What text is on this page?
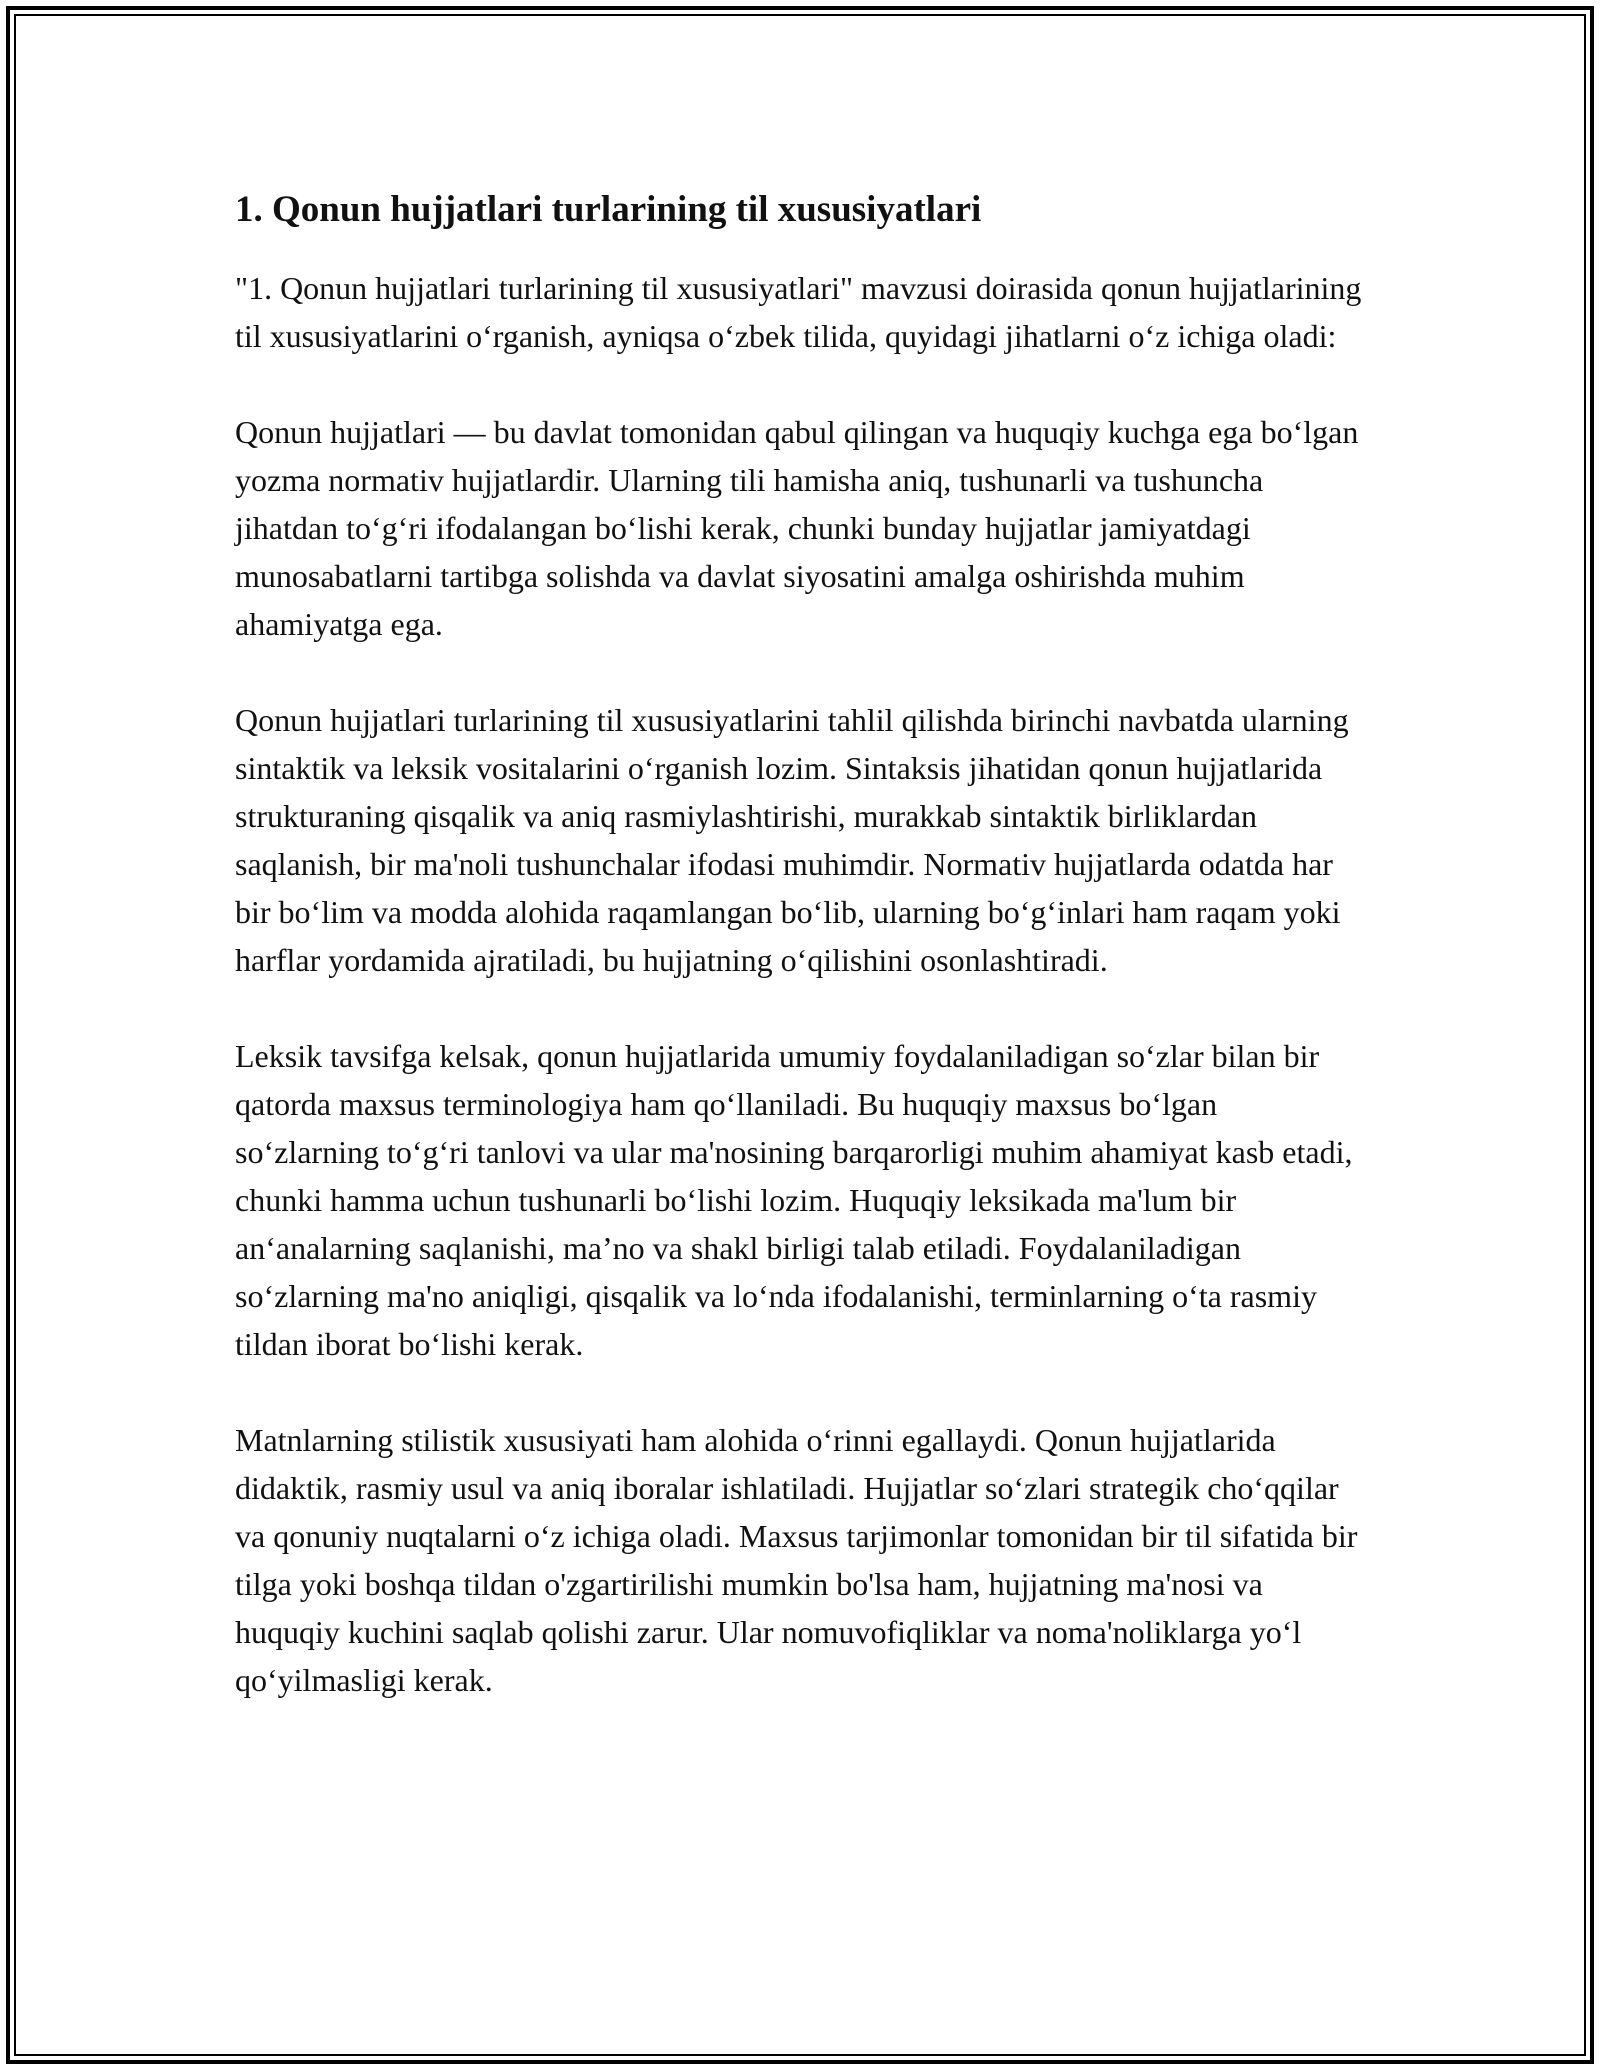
1. Qonun hujjatlari turlarining til xususiyatlari

"1. Qonun hujjatlari turlarining til xususiyatlari" mavzusi doirasida qonun hujjatlarining til xususiyatlarini oʻrganish, ayniqsa oʻzbek tilida, quyidagi jihatlarni oʻz ichiga oladi:

Qonun hujjatlari — bu davlat tomonidan qabul qilingan va huquqiy kuchga ega boʻlgan yozma normativ hujjatlardir. Ularning tili hamisha aniq, tushunarli va tushuncha jihatdan toʻgʻri ifodalangan boʻlishi kerak, chunki bunday hujjatlar jamiyatdagi munosabatlarni tartibga solishda va davlat siyosatini amalga oshirishda muhim ahamiyatga ega.

Qonun hujjatlari turlarining til xususiyatlarini tahlil qilishda birinchi navbatda ularning sintaktik va leksik vositalarini oʻrganish lozim. Sintaksis jihatidan qonun hujjatlarida strukturaning qisqalik va aniq rasmiylashtirishi, murakkab sintaktik birliklardan saqlanish, bir ma'noli tushunchalar ifodasi muhimdir. Normativ hujjatlarda odatda har bir boʻlim va modda alohida raqamlangan boʻlib, ularning boʻgʻinlari ham raqam yoki harflar yordamida ajratiladi, bu hujjatning oʻqilishini osonlashtiradi.

Leksik tavsifga kelsak, qonun hujjatlarida umumiy foydalaniladigan soʻzlar bilan bir qatorda maxsus terminologiya ham qoʻllaniladi. Bu huquqiy maxsus boʻlgan soʻzlarning toʻgʻri tanlovi va ular ma'nosining barqarorligi muhim ahamiyat kasb etadi, chunki hamma uchun tushunarli boʻlishi lozim. Huquqiy leksikada ma'lum bir anʻanalarning saqlanishi, maʼno va shakl birligi talab etiladi. Foydalaniladigan soʻzlarning ma'no aniqligi, qisqalik va loʻnda ifodalanishi, terminlarning oʻta rasmiy tildan iborat boʻlishi kerak.

Matnlarning stilistik xususiyati ham alohida oʻrinni egallaydi. Qonun hujjatlarida didaktik, rasmiy usul va aniq iboralar ishlatiladi. Hujjatlar soʻzlari strategik choʻqqilar va qonuniy nuqtalarni oʻz ichiga oladi. Maxsus tarjimonlar tomonidan bir til sifatida bir tilga yoki boshqa tildan o'zgartirilishi mumkin bo'lsa ham, hujjatning ma'nosi va huquqiy kuchini saqlab qolishi zarur. Ular nomuvofiqliklar va noma'noliklarga yoʻl qoʻyilmasligi kerak.
